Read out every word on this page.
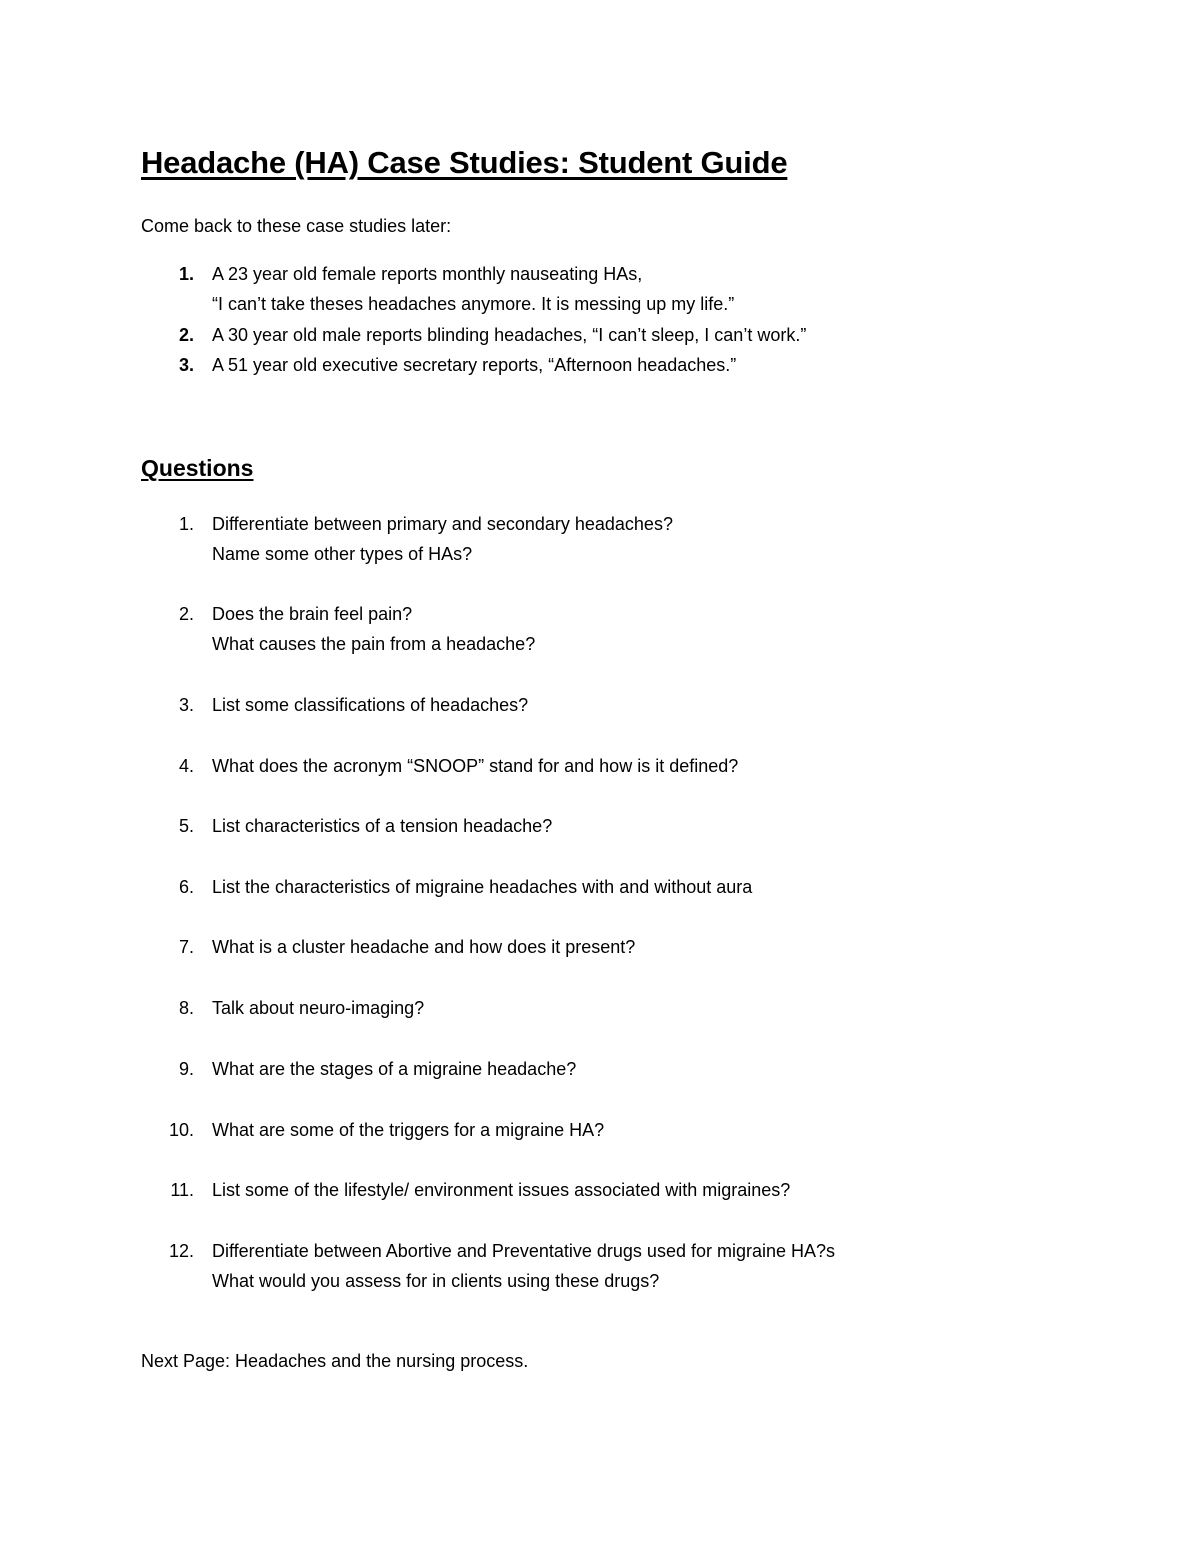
Headache (HA) Case Studies: Student Guide

Come back to these case studies later:

1. A 23 year old female reports monthly nauseating HAs,
“I can’t take theses headaches anymore. It is messing up my life.”
2. A 30 year old male reports blinding headaches, “I can’t sleep, I can’t work.”
3. A 51 year old executive secretary reports, “Afternoon headaches.”
Questions
1. Differentiate between primary and secondary headaches?
Name some other types of HAs?
2. Does the brain feel pain?
What causes the pain from a headache?
3. List some classifications of headaches?
4. What does the acronym “SNOOP” stand for and how is it defined?
5. List characteristics of a tension headache?
6. List the characteristics of migraine headaches with and without aura
7. What is a cluster headache and how does it present?
8. Talk about neuro-imaging?
9. What are the stages of a migraine headache?
10. What are some of the triggers for a migraine HA?
11. List some of the lifestyle/ environment issues associated with migraines?
12. Differentiate between Abortive and Preventative drugs used for migraine HA?s
What would you assess for in clients using these drugs?

Next Page: Headaches and the nursing process.
